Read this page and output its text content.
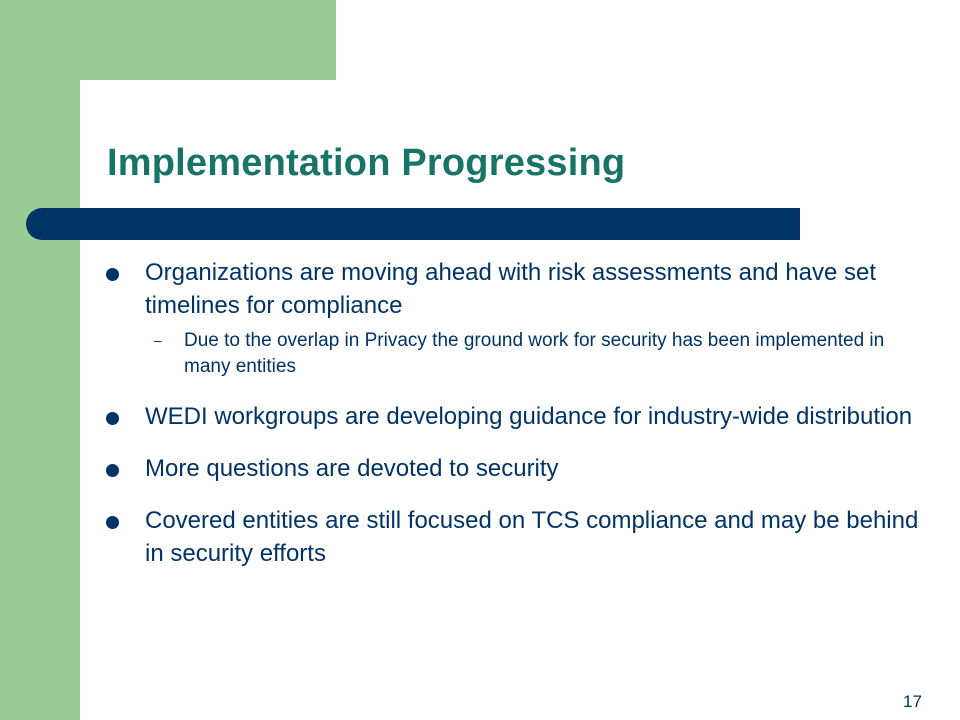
Implementation Progressing
Organizations are moving ahead with risk assessments and have set timelines for compliance
– Due to the overlap in Privacy the ground work for security has been implemented in many entities
WEDI workgroups are developing guidance for industry-wide distribution
More questions are devoted to security
Covered entities are still focused on TCS compliance and may be behind in security efforts
17
